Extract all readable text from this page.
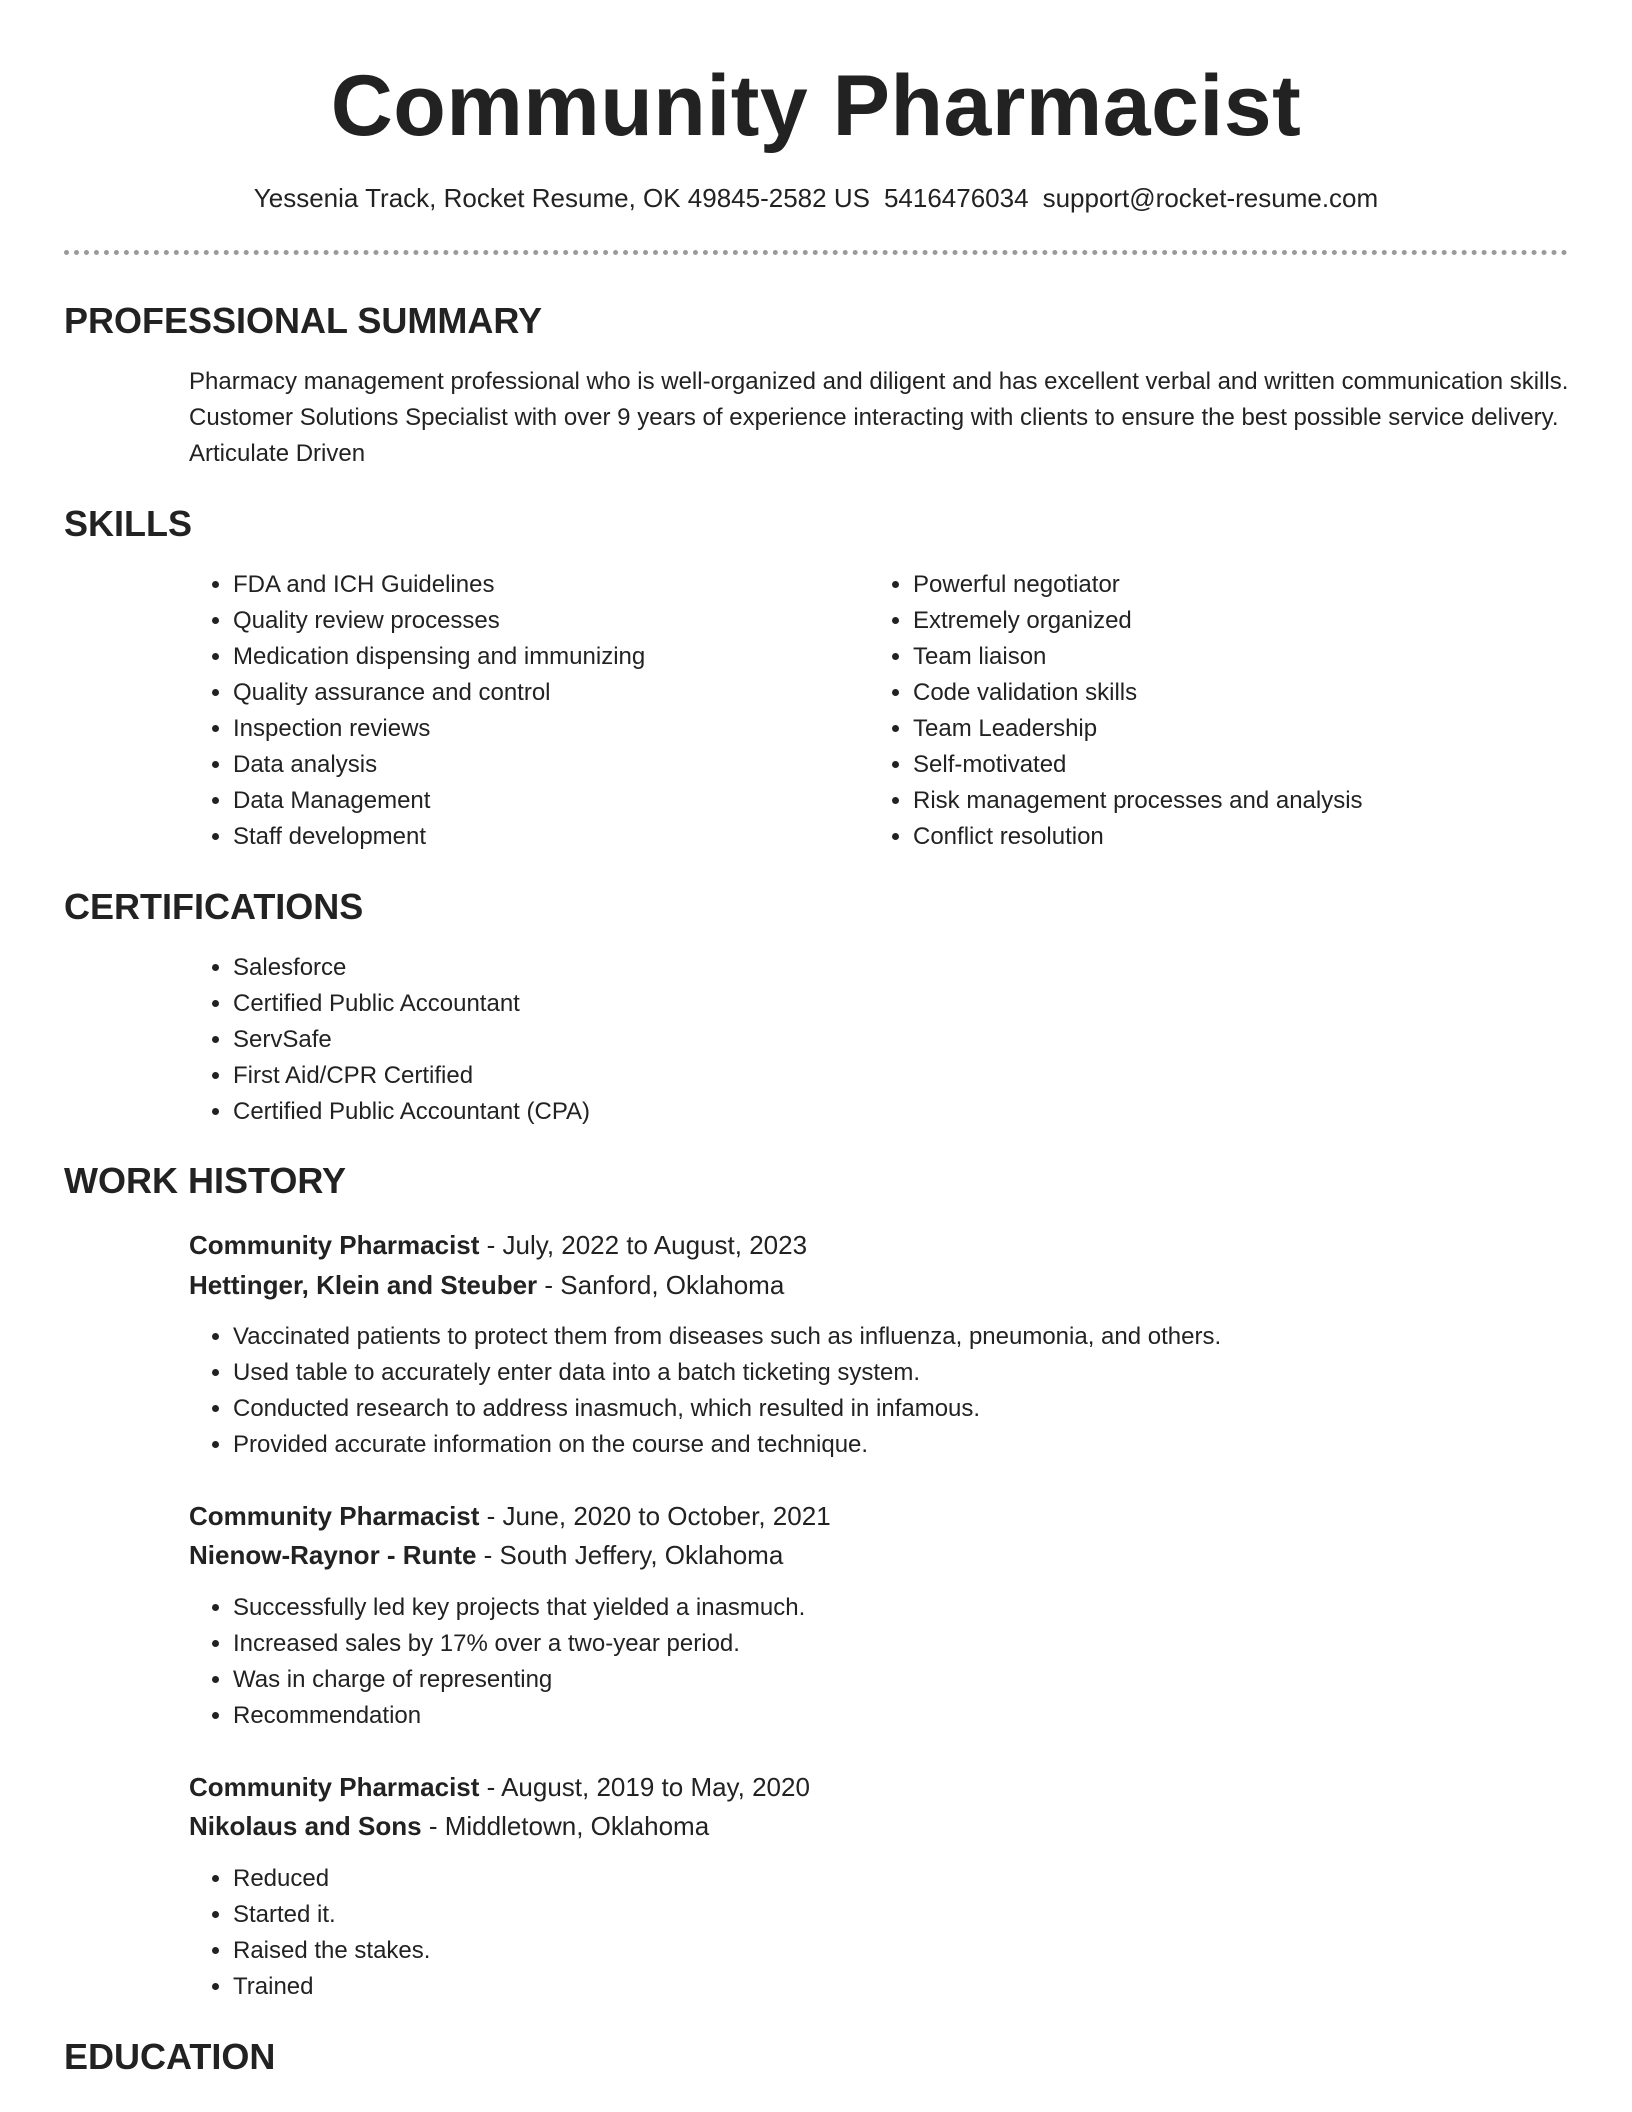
Community Pharmacist
Yessenia Track, Rocket Resume, OK 49845-2582 US 5416476034 support@rocket-resume.com
PROFESSIONAL SUMMARY

Pharmacy management professional who is well-organized and diligent and has excellent verbal and written communication skills. Customer Solutions Specialist with over 9 years of experience interacting with clients to ensure the best possible service delivery. Articulate Driven

SKILLS
• FDA and ICH Guidelines
• Quality review processes
• Medication dispensing and immunizing
• Quality assurance and control
• Inspection reviews
• Data analysis
• Data Management
• Staff development
• Powerful negotiator
• Extremely organized
• Team liaison
• Code validation skills
• Team Leadership
• Self-motivated
• Risk management processes and analysis
• Conflict resolution
CERTIFICATIONS
• Salesforce
• Certified Public Accountant
• ServSafe
• First Aid/CPR Certified
• Certified Public Accountant (CPA)
WORK HISTORY

Community Pharmacist - July, 2022 to August, 2023

Hettinger, Klein and Steuber - Sanford, Oklahoma

• Vaccinated patients to protect them from diseases such as influenza, pneumonia, and others.
• Used table to accurately enter data into a batch ticketing system.
• Conducted research to address inasmuch, which resulted in infamous.
• Provided accurate information on the course and technique.

Community Pharmacist - June, 2020 to October, 2021

Nienow-Raynor - Runte - South Jeffery, Oklahoma

• Successfully led key projects that yielded a inasmuch.
• Increased sales by 17% over a two-year period.
• Was in charge of representing
• Recommendation

Community Pharmacist - August, 2019 to May, 2020

Nikolaus and Sons - Middletown, Oklahoma

• Reduced
• Started it.
• Raised the stakes.
• Trained
EDUCATION
